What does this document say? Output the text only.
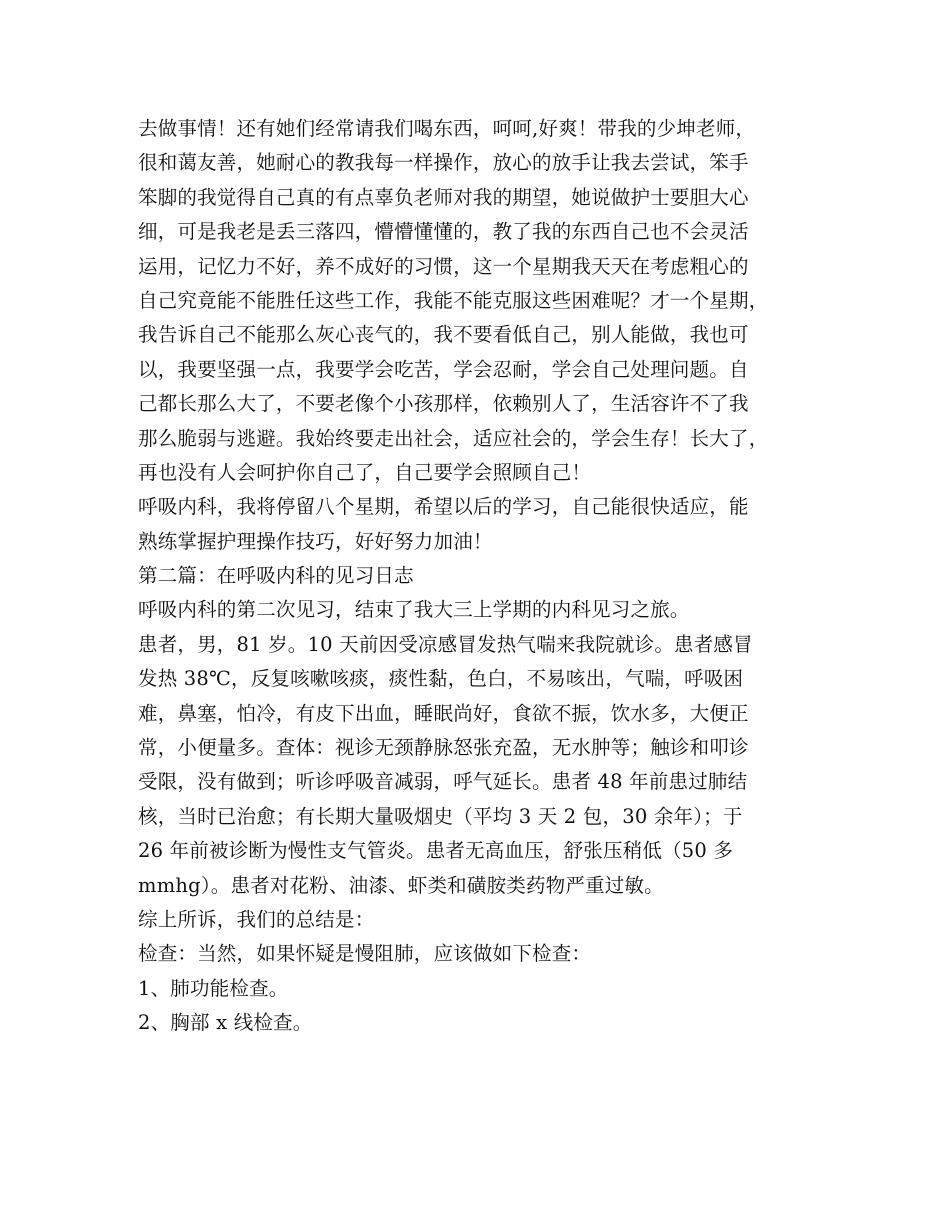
去做事情！还有她们经常请我们喝东西，呵呵,好爽！带我的少坤老师，
很和蔼友善，她耐心的教我每一样操作，放心的放手让我去尝试，笨手
笨脚的我觉得自己真的有点辜负老师对我的期望，她说做护士要胆大心
细，可是我老是丢三落四，懵懵懂懂的，教了我的东西自己也不会灵活
运用，记忆力不好，养不成好的习惯，这一个星期我天天在考虑粗心的
自己究竟能不能胜任这些工作，我能不能克服这些困难呢？才一个星期，
我告诉自己不能那么灰心丧气的，我不要看低自己，别人能做，我也可
以，我要坚强一点，我要学会吃苦，学会忍耐，学会自己处理问题。自
己都长那么大了，不要老像个小孩那样，依赖别人了，生活容许不了我
那么脆弱与逃避。我始终要走出社会，适应社会的，学会生存！长大了，
再也没有人会呵护你自己了，自己要学会照顾自己！
呼吸内科，我将停留八个星期，希望以后的学习，自己能很快适应，能
熟练掌握护理操作技巧，好好努力加油！
第二篇：在呼吸内科的见习日志
呼吸内科的第二次见习，结束了我大三上学期的内科见习之旅。
患者，男，81 岁。10 天前因受凉感冒发热气喘来我院就诊。患者感冒
发热 38℃，反复咳嗽咳痰，痰性黏，色白，不易咳出，气喘，呼吸困
难，鼻塞，怕冷，有皮下出血，睡眠尚好，食欲不振，饮水多，大便正
常，小便量多。查体：视诊无颈静脉怒张充盈，无水肿等；触诊和叩诊
受限，没有做到；听诊呼吸音减弱，呼气延长。患者 48 年前患过肺结
核，当时已治愈；有长期大量吸烟史（平均 3 天 2 包，30 余年）；于
26 年前被诊断为慢性支气管炎。患者无高血压，舒张压稍低（50 多
mmhg）。患者对花粉、油漆、虾类和磺胺类药物严重过敏。
综上所诉，我们的总结是：
检查：当然，如果怀疑是慢阻肺，应该做如下检查：
1、肺功能检查。
2、胸部 x 线检查。
